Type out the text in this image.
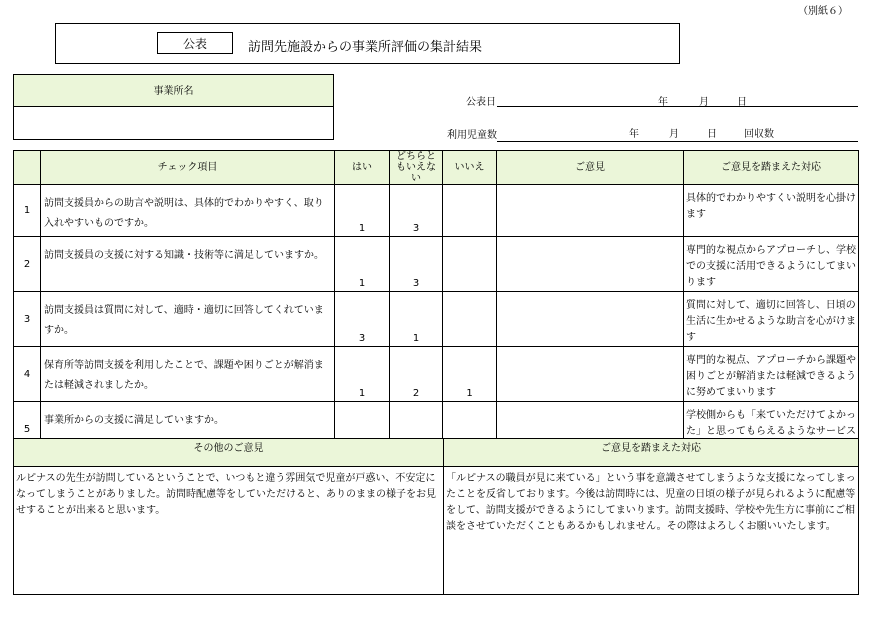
（別紙６）
公表	訪問先施設からの事業所評価の集計結果
事業所名
公表日	年	月	日
利用児童数	年	月	日	回収数
	チェック項目	はい	どちらともいえない	いいえ	ご意見	ご意見を踏まえた対応
1	訪問支援員からの助言や説明は、具体的でわかりやすく、取り入れやすいものですか。	1	3			具体的でわかりやすくい説明を心掛けます
2	訪問支援員の支援に対する知識・技術等に満足していますか。	1	3			専門的な視点からアプローチし、学校での支援に活用できるようにしてまいります
3	訪問支援員は質問に対して、適時・適切に回答してくれていますか。	3	1			質問に対して、適切に回答し、日頃の生活に生かせるような助言を心がけます
4	保育所等訪問支援を利用したことで、課題や困りごとが解消または軽減されましたか。	1	2	1		専門的な視点、アプローチから課題や困りごとが解消または軽減できるように努めてまいります
5	事業所からの支援に満足していますか。					学校側からも「来ていただけてよかった」と思ってもらえるようなサービス
その他のご意見	ご意見を踏まえた対応
ルピナスの先生が訪問しているということで、いつもと違う雰囲気で児童が戸惑い、不安定になってしまうことがありました。訪問時配慮等をしていただけると、ありのままの様子をお見せすることが出来ると思います。	「ルピナスの職員が見に来ている」という事を意識させてしまうような支援になってしまったことを反省しております。今後は訪問時には、児童の日頃の様子が見られるように配慮等をして、訪問支援ができるようにしてまいります。訪問支援時、学校や先生方に事前にご相談をさせていただくこともあるかもしれません。その際はよろしくお願いいたします。
